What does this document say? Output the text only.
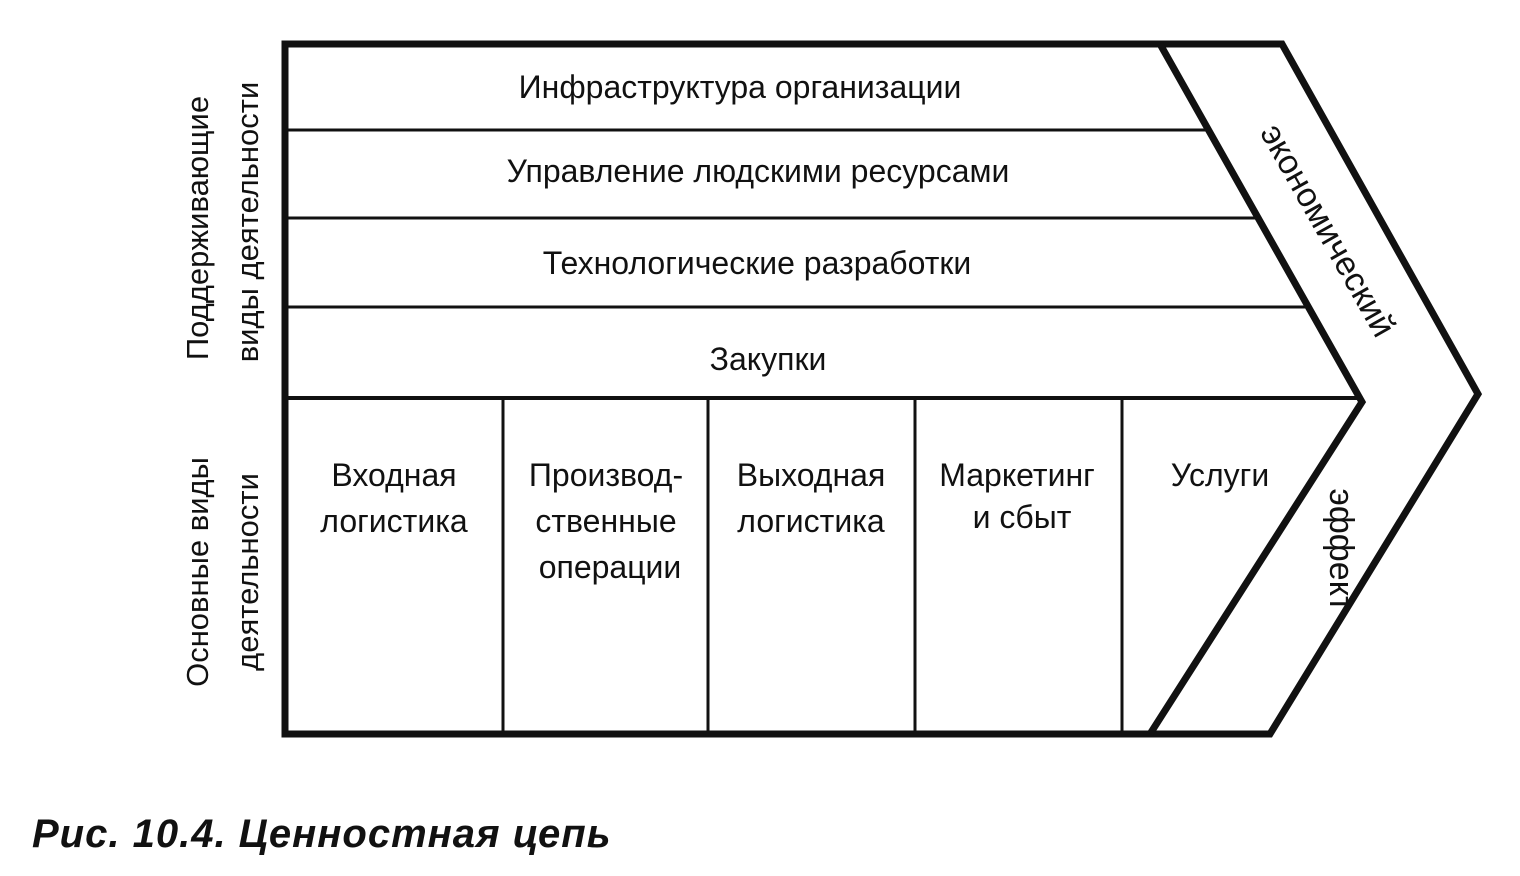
Поддерживающие виды деятельности
Основные виды деятельности
Инфраструктура организации
Управление людскими ресурсами
Технологические разработки
Закупки
Входная
логистика
Производ-
ственные
операции
Выходная
логистика
Маркетинг
и сбыт
Услуги
экономический
эффект

Рис. 10.4. Ценностная цепь
